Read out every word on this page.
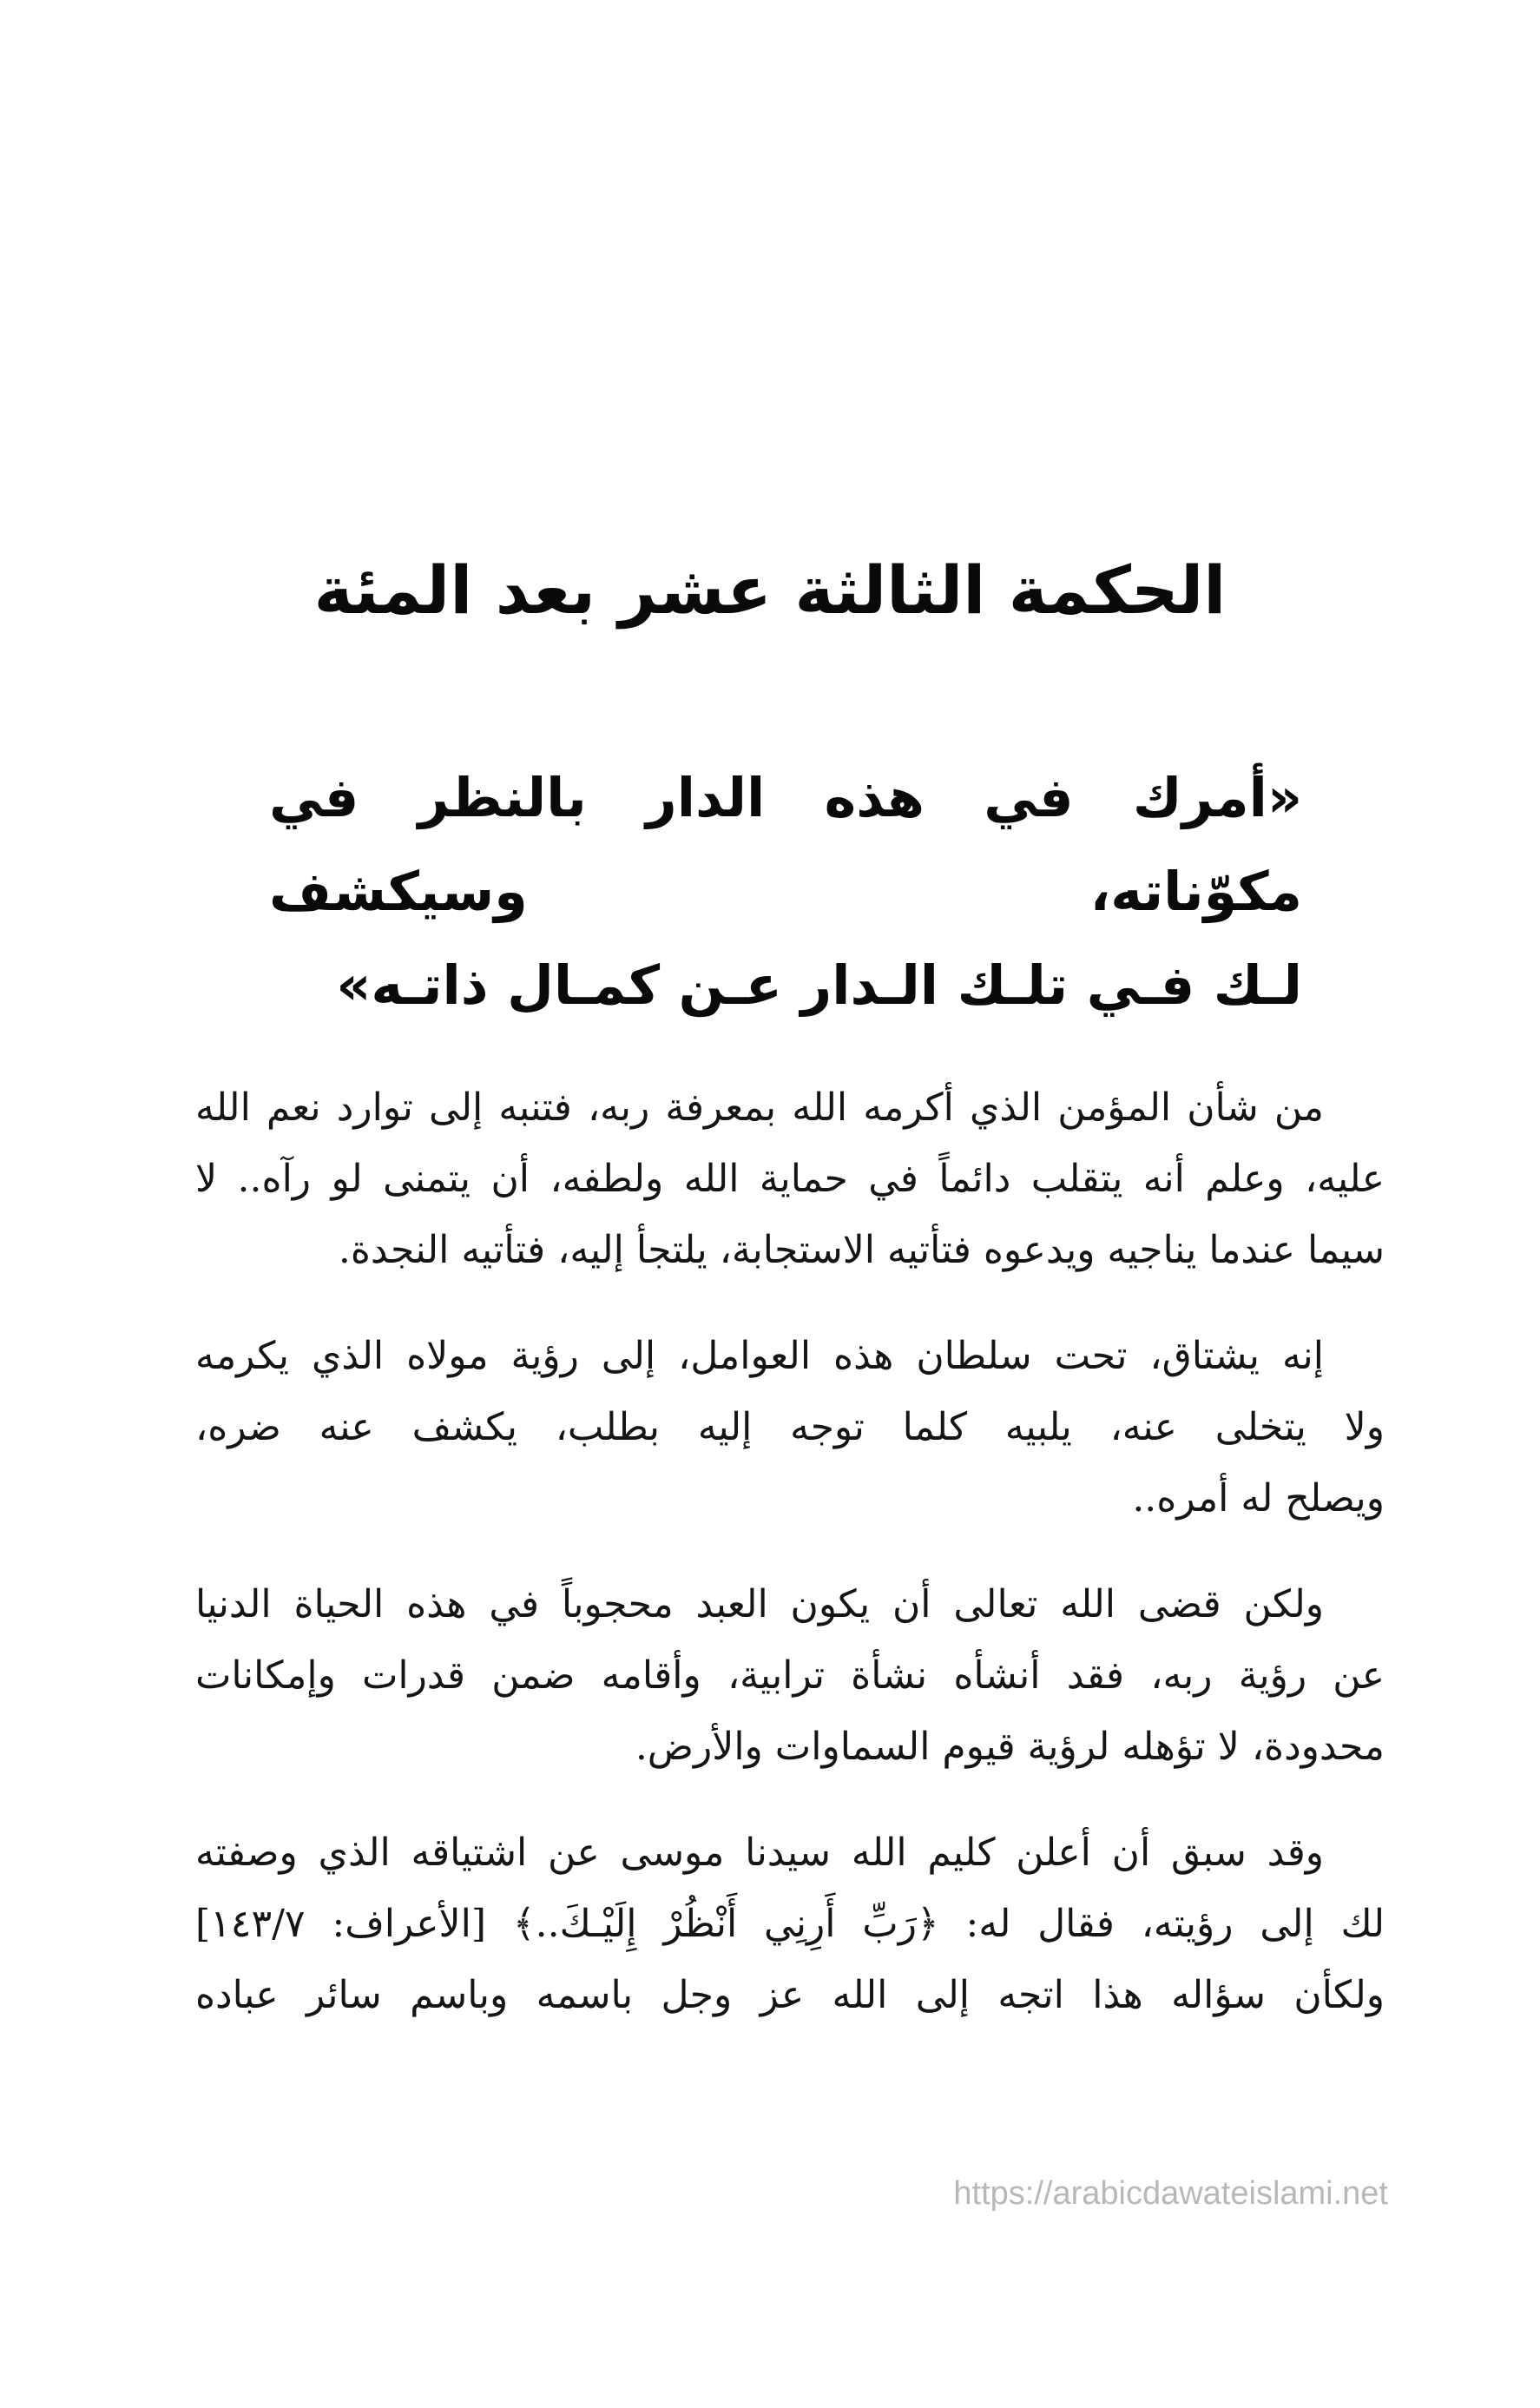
الحكمة الثالثة عشر بعد المئة
«أمرك في هذه الدار بالنظر في مكوّناته، وسيكشف
لـك فـي تلـك الـدار عـن كمـال ذاتـه»
من شأن المؤمن الذي أكرمه الله بمعرفة ربه، فتنبه إلى توارد نعم الله
عليه، وعلم أنه يتقلب دائماً في حماية الله ولطفه، أن يتمنى لو رآه.. لا
سيما عندما يناجيه ويدعوه فتأتيه الاستجابة، يلتجأ إليه، فتأتيه النجدة.
إنه يشتاق، تحت سلطان هذه العوامل، إلى رؤية مولاه الذي يكرمه
ولا يتخلى عنه، يلبيه كلما توجه إليه بطلب، يكشف عنه ضره،
ويصلح له أمره..
ولكن قضى الله تعالى أن يكون العبد محجوباً في هذه الحياة الدنيا
عن رؤية ربه، فقد أنشأه نشأة ترابية، وأقامه ضمن قدرات وإمكانات
محدودة، لا تؤهله لرؤية قيوم السماوات والأرض.
وقد سبق أن أعلن كليم الله سيدنا موسى عن اشتياقه الذي وصفته
لك إلى رؤيته، فقال له: ﴿رَبِّ أَرِنِي أَنْظُرْ إِلَيْـكَ..﴾ [الأعراف: ١٤٣/٧]
ولكأن سؤاله هذا اتجه إلى الله عز وجل باسمه وباسم سائر عباده
https://arabicdawateislami.net
